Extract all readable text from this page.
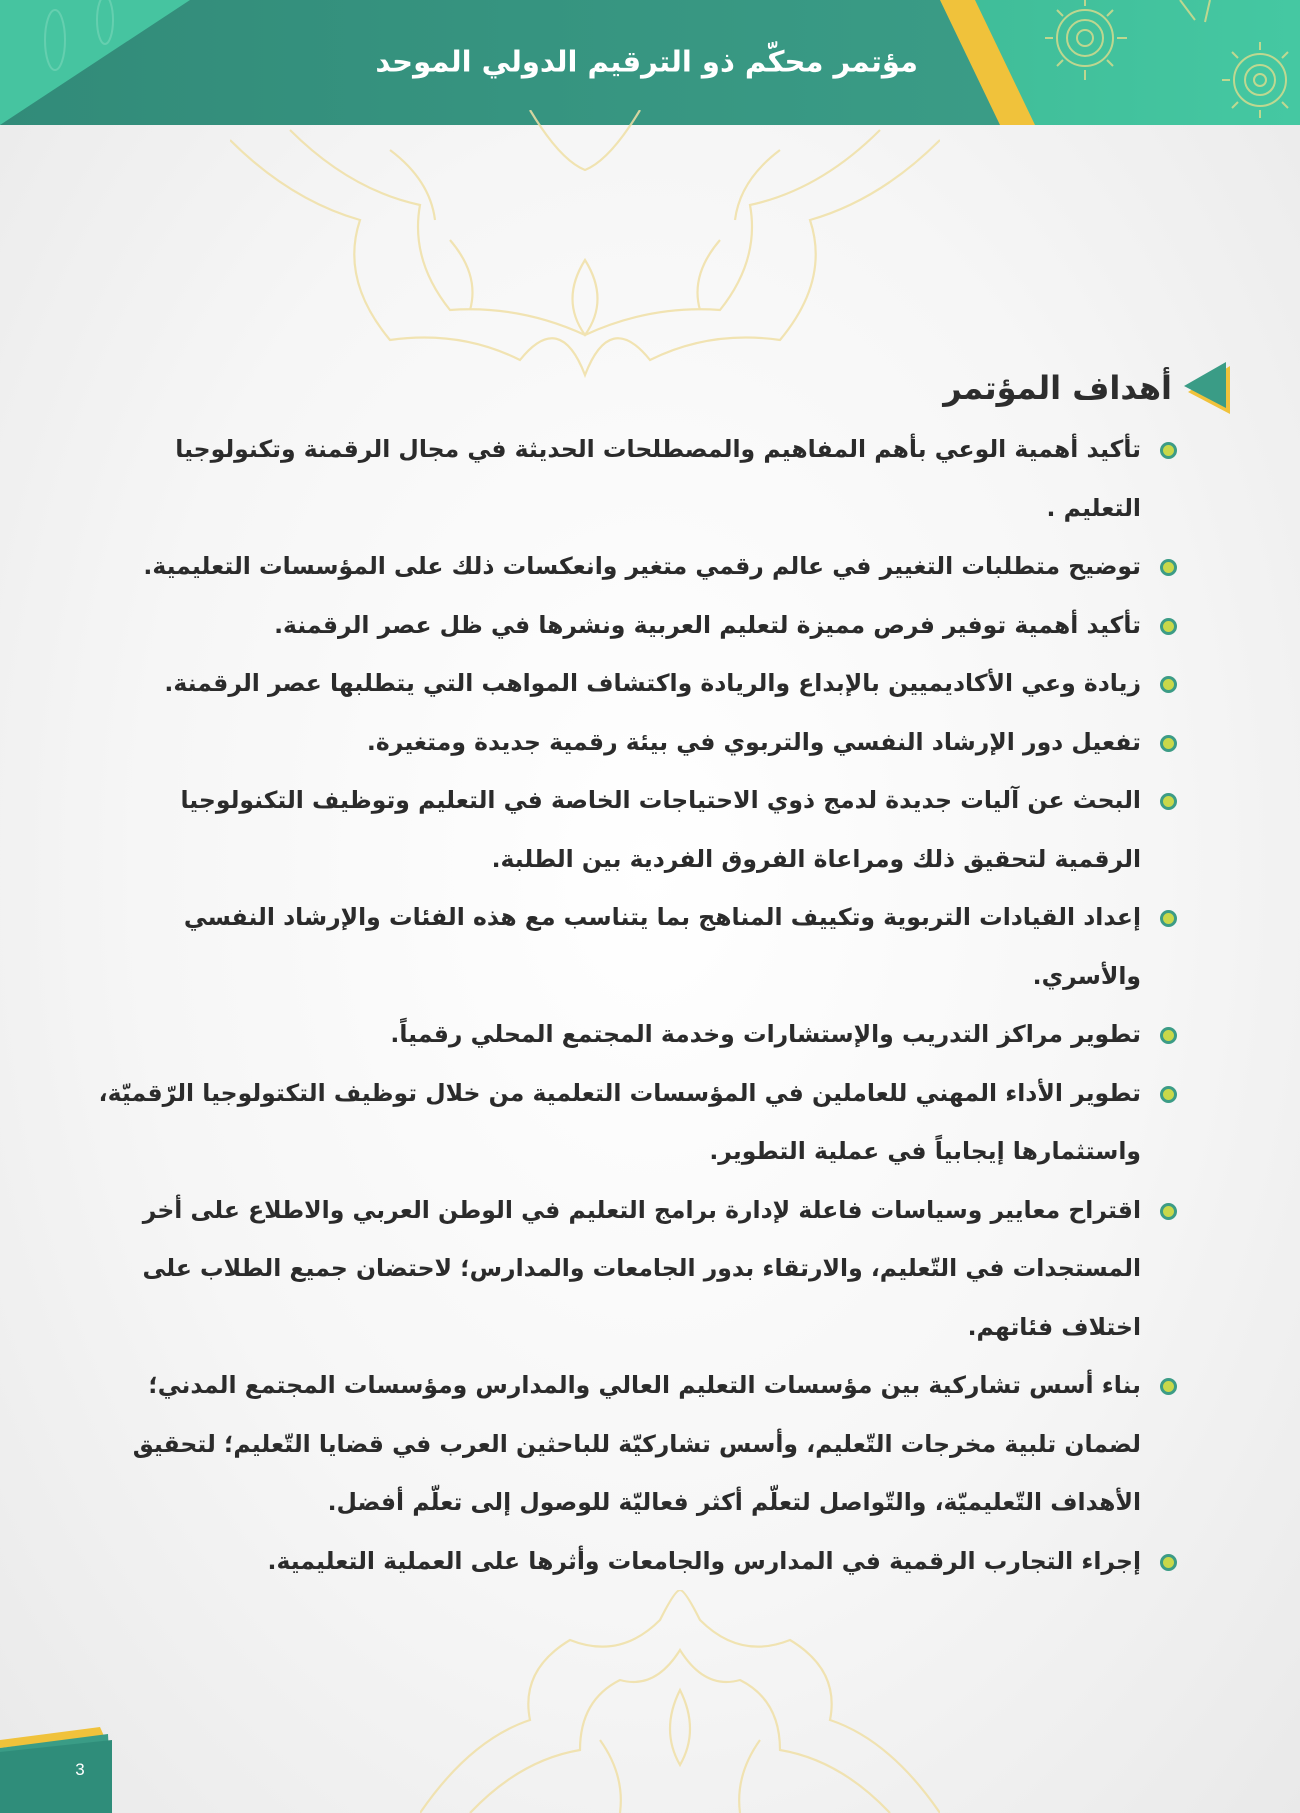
مؤتمر محكّم ذو الترقيم الدولي الموحد
أهداف المؤتمر
تأكيد أهمية الوعي بأهم المفاهيم والمصطلحات الحديثة في مجال الرقمنة وتكنولوجيا التعليم .
توضيح متطلبات التغيير في عالم رقمي متغير وانعكسات ذلك على المؤسسات التعليمية.
تأكيد أهمية توفير فرص مميزة لتعليم العربية ونشرها في ظل عصر الرقمنة.
زيادة وعي الأكاديميين بالإبداع والريادة واكتشاف المواهب التي يتطلبها عصر الرقمنة.
تفعيل دور الإرشاد النفسي والتربوي في بيئة رقمية جديدة ومتغيرة.
البحث عن آليات جديدة لدمج ذوي الاحتياجات الخاصة في التعليم وتوظيف التكنولوجيا الرقمية لتحقيق ذلك ومراعاة الفروق الفردية بين الطلبة.
إعداد القيادات التربوية وتكييف المناهج بما يتناسب مع هذه الفئات والإرشاد النفسي والأسري.
تطوير مراكز التدريب والإستشارات وخدمة المجتمع المحلي رقمياً.
تطوير الأداء المهني للعاملين في المؤسسات التعلمية من خلال توظيف التكتولوجيا الرّقميّة، واستثمارها إيجابياً في عملية التطوير.
اقتراح معايير وسياسات فاعلة لإدارة برامج التعليم في الوطن العربي والاطلاع على أخر المستجدات في التّعليم، والارتقاء بدور الجامعات والمدارس؛ لاحتضان جميع الطلاب على اختلاف فئاتهم.
بناء أسس تشاركية بين مؤسسات التعليم العالي والمدارس ومؤسسات المجتمع المدني؛ لضمان تلبية مخرجات التّعليم، وأسس تشاركيّة للباحثين العرب في قضايا التّعليم؛ لتحقيق الأهداف التّعليميّة، والتّواصل لتعلّم أكثر فعاليّة للوصول إلى تعلّم أفضل.
إجراء التجارب الرقمية في المدارس والجامعات وأثرها على العملية التعليمية.
3
